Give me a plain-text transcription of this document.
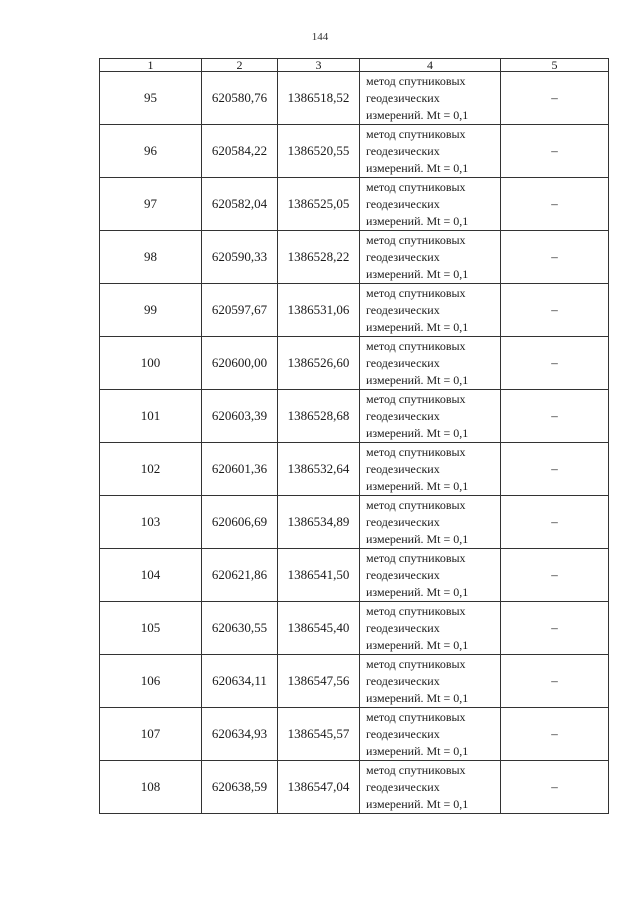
144
1	2	3	4	5
95	620580,76	1386518,52	метод спутниковых
геодезических
измерений. Mt = 0,1	–
96	620584,22	1386520,55	метод спутниковых
геодезических
измерений. Mt = 0,1	–
97	620582,04	1386525,05	метод спутниковых
геодезических
измерений. Mt = 0,1	–
98	620590,33	1386528,22	метод спутниковых
геодезических
измерений. Mt = 0,1	–
99	620597,67	1386531,06	метод спутниковых
геодезических
измерений. Mt = 0,1	–
100	620600,00	1386526,60	метод спутниковых
геодезических
измерений. Mt = 0,1	–
101	620603,39	1386528,68	метод спутниковых
геодезических
измерений. Mt = 0,1	–
102	620601,36	1386532,64	метод спутниковых
геодезических
измерений. Mt = 0,1	–
103	620606,69	1386534,89	метод спутниковых
геодезических
измерений. Mt = 0,1	–
104	620621,86	1386541,50	метод спутниковых
геодезических
измерений. Mt = 0,1	–
105	620630,55	1386545,40	метод спутниковых
геодезических
измерений. Mt = 0,1	–
106	620634,11	1386547,56	метод спутниковых
геодезических
измерений. Mt = 0,1	–
107	620634,93	1386545,57	метод спутниковых
геодезических
измерений. Mt = 0,1	–
108	620638,59	1386547,04	метод спутниковых
геодезических
измерений. Mt = 0,1	–
